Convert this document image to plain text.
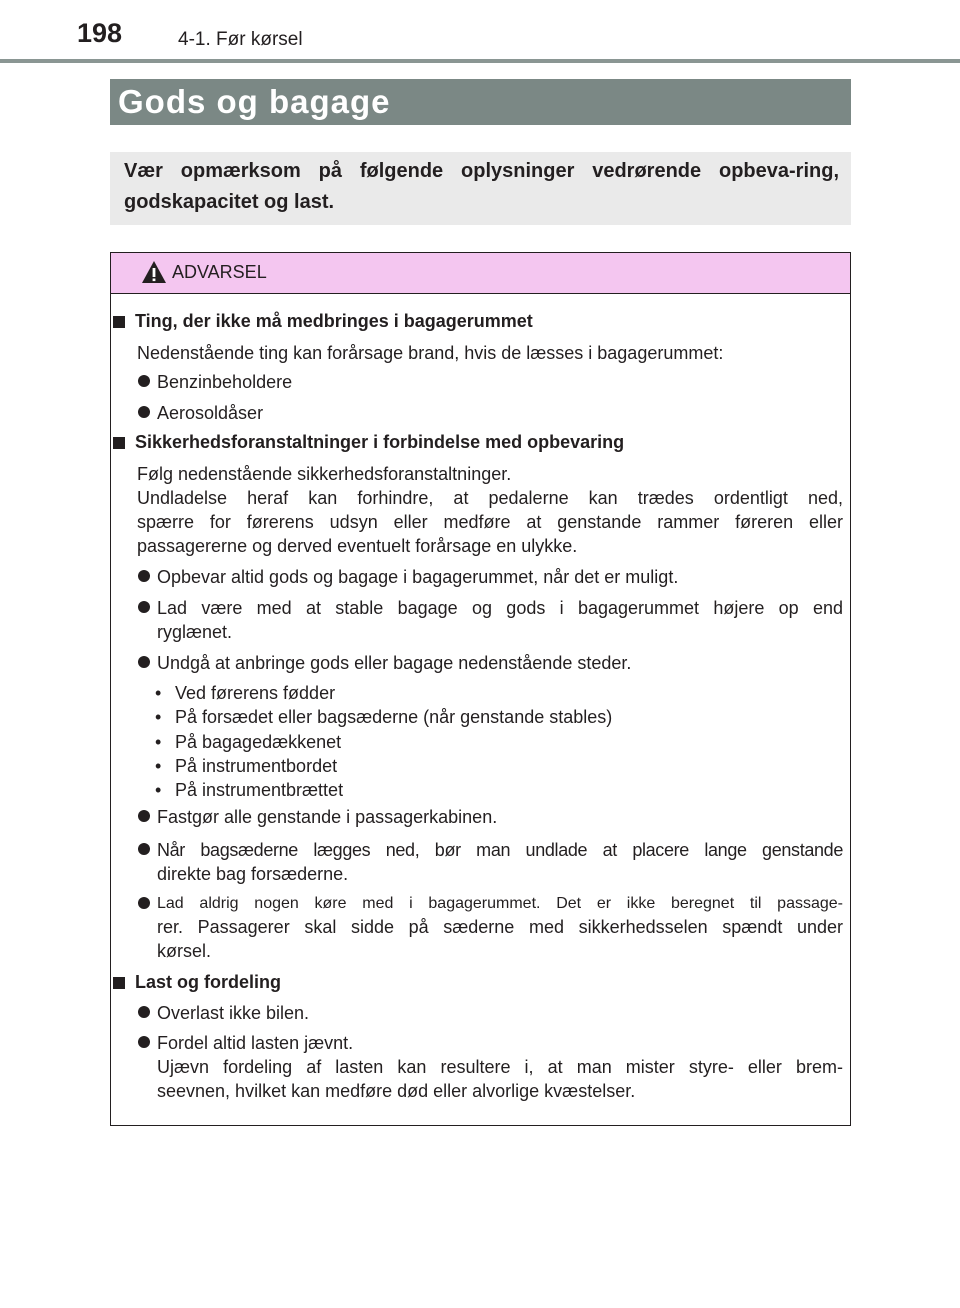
198	4-1. Før kørsel
Gods og bagage
Vær opmærksom på følgende oplysninger vedrørende opbeva-ring, godskapacitet og last.
ADVARSEL
Ting, der ikke må medbringes i bagagerummet
Nedenstående ting kan forårsage brand, hvis de læsses i bagagerummet:
Benzinbeholdere
Aerosoldåser
Sikkerhedsforanstaltninger i forbindelse med opbevaring
Følg nedenstående sikkerhedsforanstaltninger.
Undladelse heraf kan forhindre, at pedalerne kan trædes ordentligt ned,
spærre for førerens udsyn eller medføre at genstande rammer føreren eller
passagererne og derved eventuelt forårsage en ulykke.
Opbevar altid gods og bagage i bagagerummet, når det er muligt.
Lad være med at stable bagage og gods i bagagerummet højere op end
ryglænet.
Undgå at anbringe gods eller bagage nedenstående steder.
• Ved førerens fødder
• På forsædet eller bagsæderne (når genstande stables)
• På bagagedækkenet
• På instrumentbordet
• På instrumentbrættet
Fastgør alle genstande i passagerkabinen.
Når bagsæderne lægges ned, bør man undlade at placere lange genstande
direkte bag forsæderne.
Lad aldrig nogen køre med i bagagerummet. Det er ikke beregnet til passage-
rer. Passagerer skal sidde på sæderne med sikkerhedsselen spændt under
kørsel.
Last og fordeling
Overlast ikke bilen.
Fordel altid lasten jævnt.
Ujævn fordeling af lasten kan resultere i, at man mister styre- eller brem-
seevnen, hvilket kan medføre død eller alvorlige kvæstelser.
